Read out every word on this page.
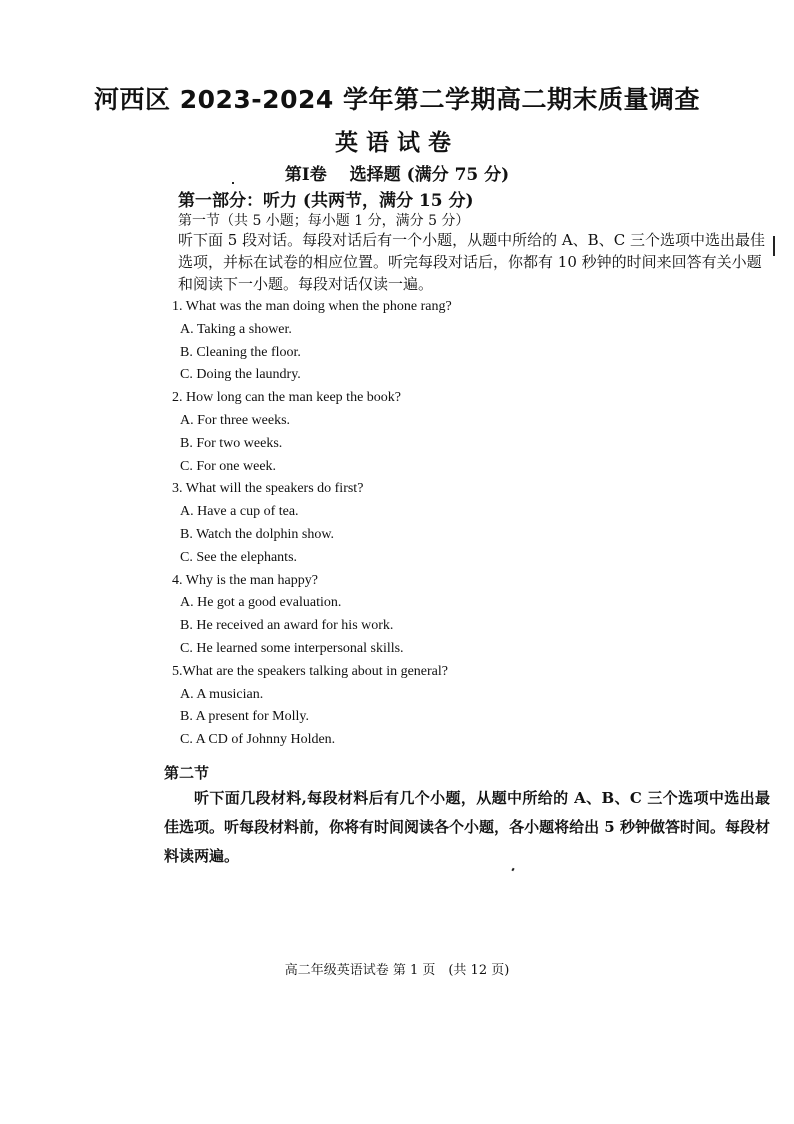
河西区 2023-2024 学年第二学期高二期末质量调查
英语试卷
第Ⅰ卷　 选择题 (满分 75 分)
第一部分：听力 (共两节，满分 15 分)
第一节（共 5 小题；每小题 1 分，满分 5 分）
听下面 5 段对话。每段对话后有一个小题，从题中所给的 A、B、C 三个选项中选出最佳选项，并标在试卷的相应位置。听完每段对话后，你都有 10 秒钟的时间来回答有关小题和阅读下一小题。每段对话仅读一遍。
1. What was the man doing when the phone rang?
A. Taking a shower.
B. Cleaning the floor.
C. Doing the laundry.
2. How long can the man keep the book?
A. For three weeks.
B. For two weeks.
C. For one week.
3. What will the speakers do first?
A. Have a cup of tea.
B. Watch the dolphin show.
C. See the elephants.
4. Why is the man happy?
A. He got a good evaluation.
B. He received an award for his work.
C. He learned some interpersonal skills.
5.What are the speakers talking about in general?
A. A musician.
B. A present for Molly.
C. A CD of Johnny Holden.
第二节
听下面几段材料,每段材料后有几个小题，从题中所给的 A、B、C 三个选项中选出最佳选项。听每段材料前，你将有时间阅读各个小题，各小题将给出 5 秒钟做答时间。每段材料读两遍。
高二年级英语试卷 第 1 页　(共 12 页)
